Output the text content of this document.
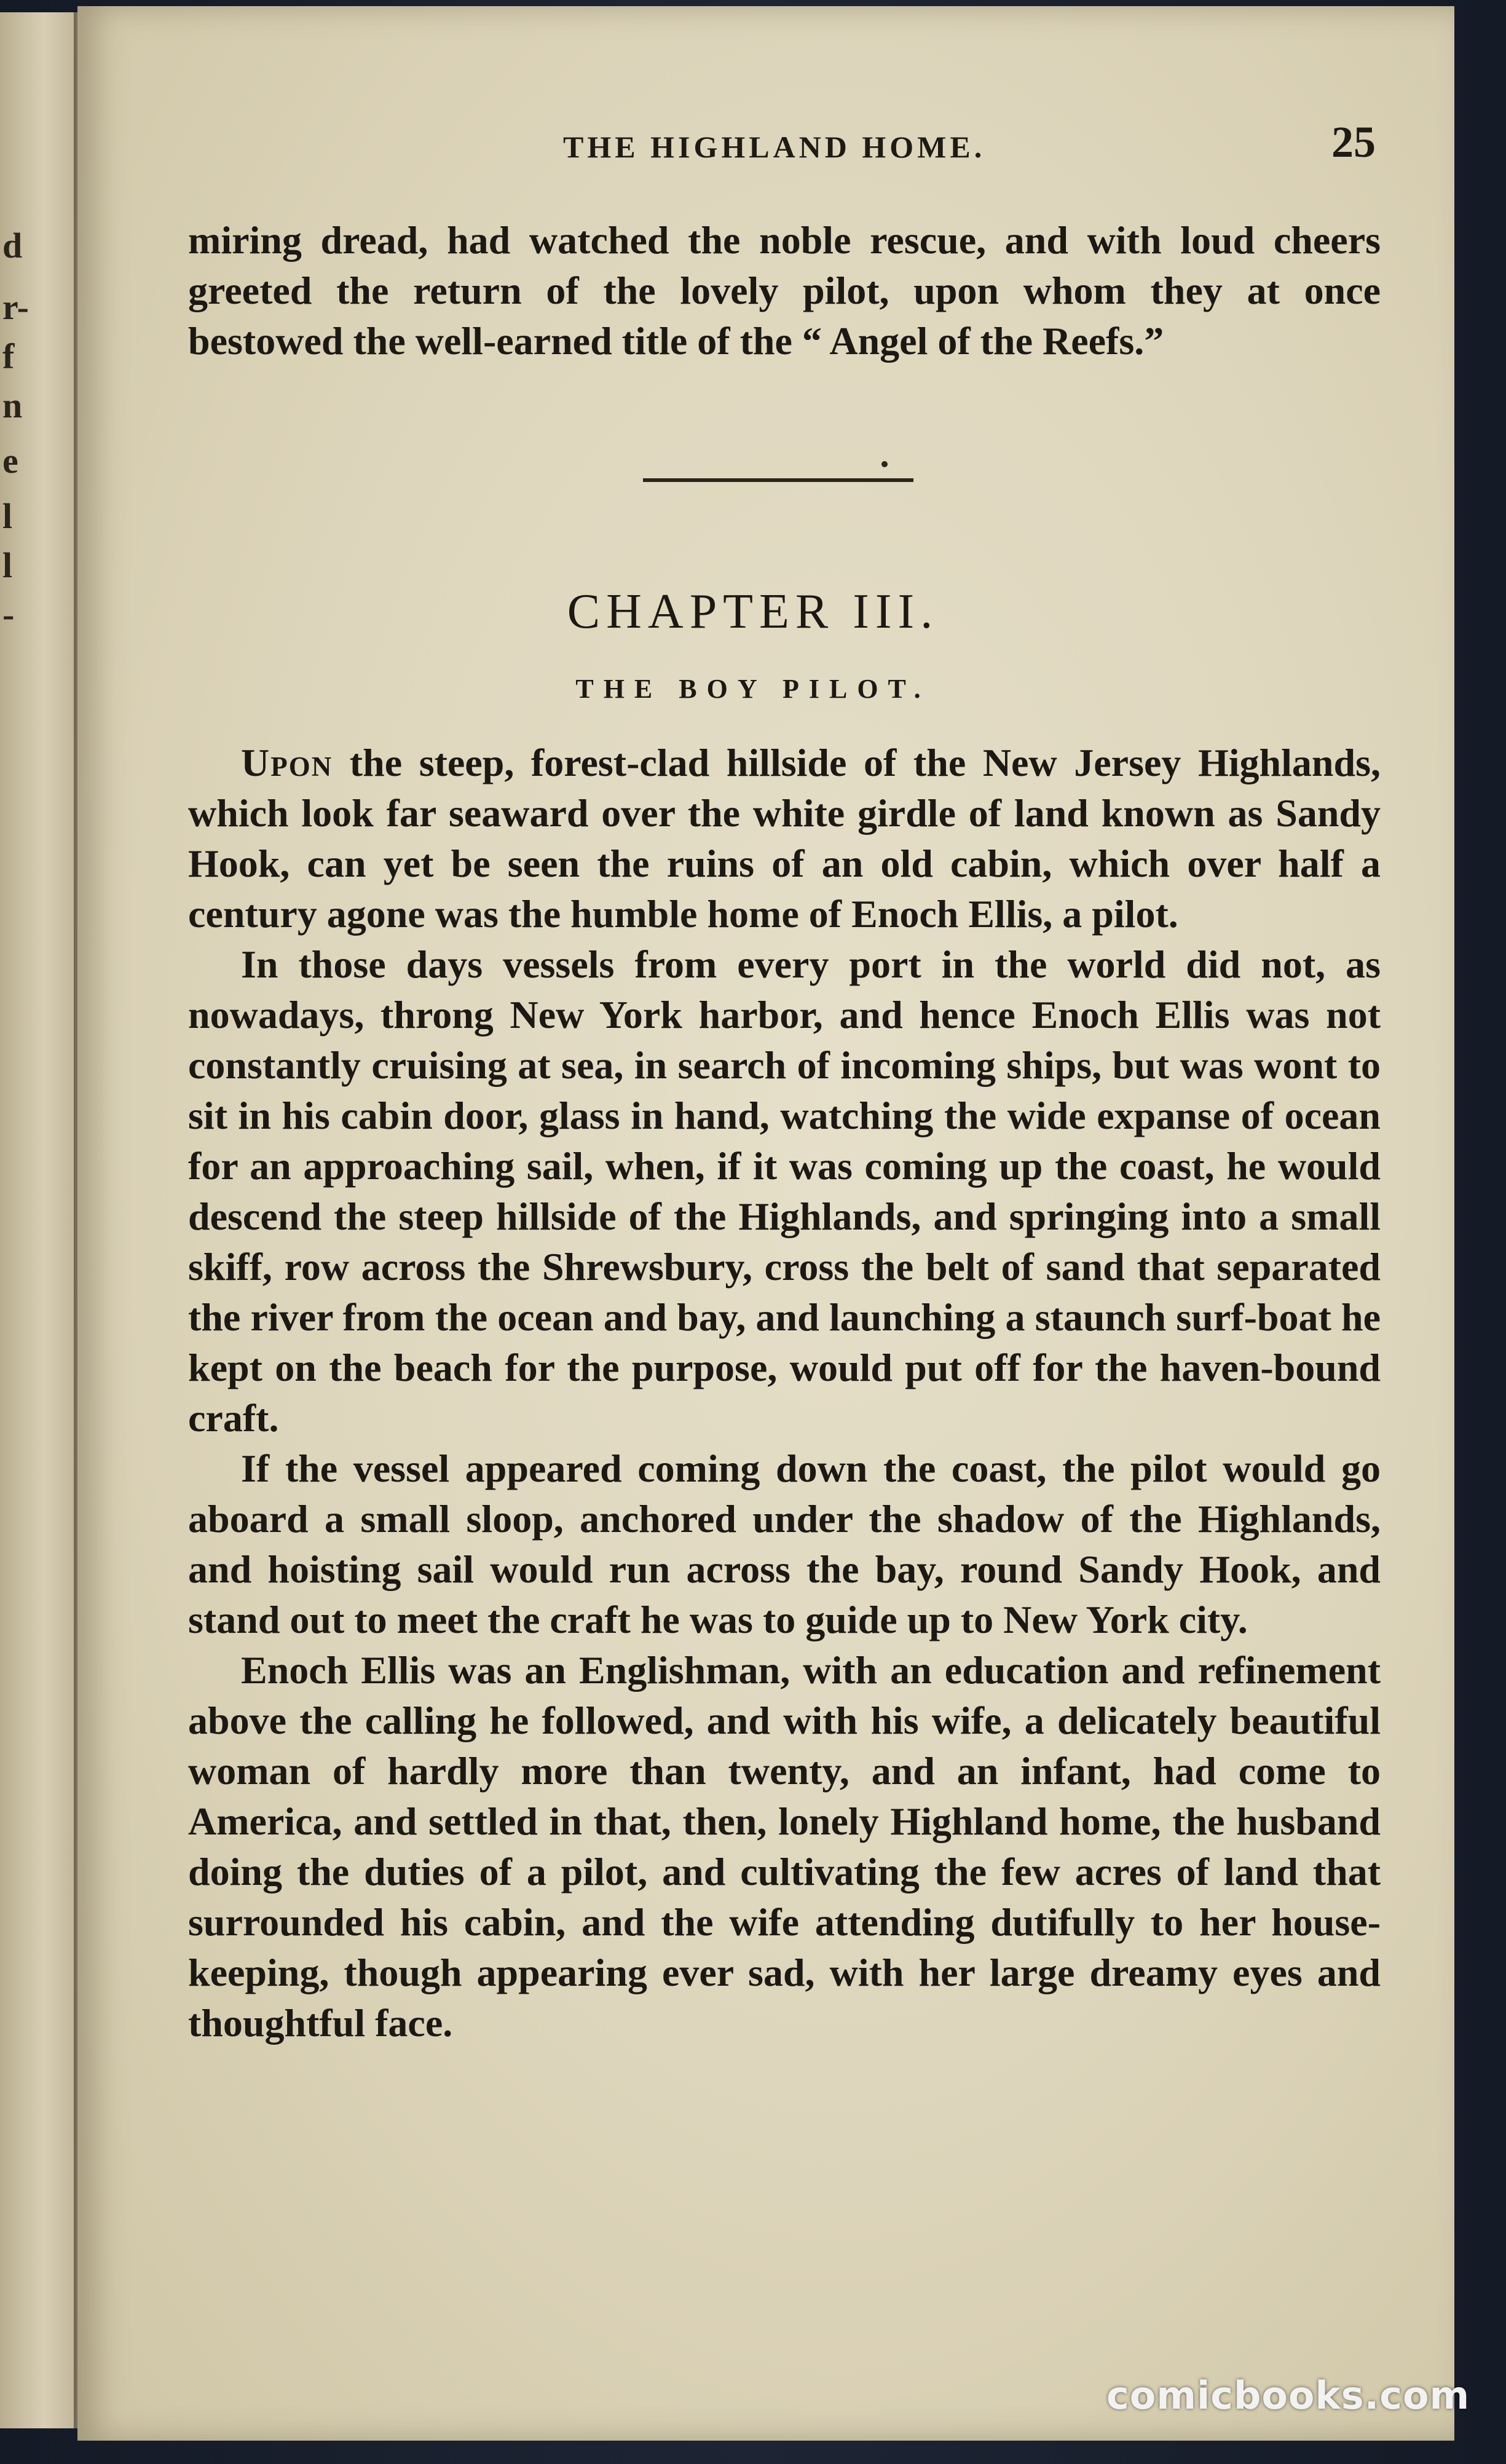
d
r-
f
n
e
l
l
-
THE HIGHLAND HOME.	25

miring dread, had watched the noble rescue, and with loud cheers greeted the return of the lovely pilot, upon whom they at once bestowed the well-earned title of the “ Angel of the Reefs.”

CHAPTER III.
THE BOY PILOT.

Upon the steep, forest-clad hillside of the New Jersey Highlands, which look far seaward over the white girdle of land known as Sandy Hook, can yet be seen the ruins of an old cabin, which over half a century agone was the humble home of Enoch Ellis, a pilot.

In those days vessels from every port in the world did not, as nowadays, throng New York harbor, and hence Enoch Ellis was not constantly cruising at sea, in search of incoming ships, but was wont to sit in his cabin door, glass in hand, watching the wide expanse of ocean for an approaching sail, when, if it was coming up the coast, he would descend the steep hillside of the Highlands, and springing into a small skiff, row across the Shrewsbury, cross the belt of sand that separated the river from the ocean and bay, and launching a staunch surf-boat he kept on the beach for the purpose, would put off for the haven-bound craft.

If the vessel appeared coming down the coast, the pilot would go aboard a small sloop, anchored under the shadow of the Highlands, and hoisting sail would run across the bay, round Sandy Hook, and stand out to meet the craft he was to guide up to New York city.

Enoch Ellis was an Englishman, with an education and refinement above the calling he followed, and with his wife, a delicately beautiful woman of hardly more than twenty, and an infant, had come to America, and settled in that, then, lonely Highland home, the husband doing the duties of a pilot, and cultivating the few acres of land that surrounded his cabin, and the wife attending dutifully to her house-keeping, though appearing ever sad, with her large dreamy eyes and thoughtful face.

comicbooks.com
